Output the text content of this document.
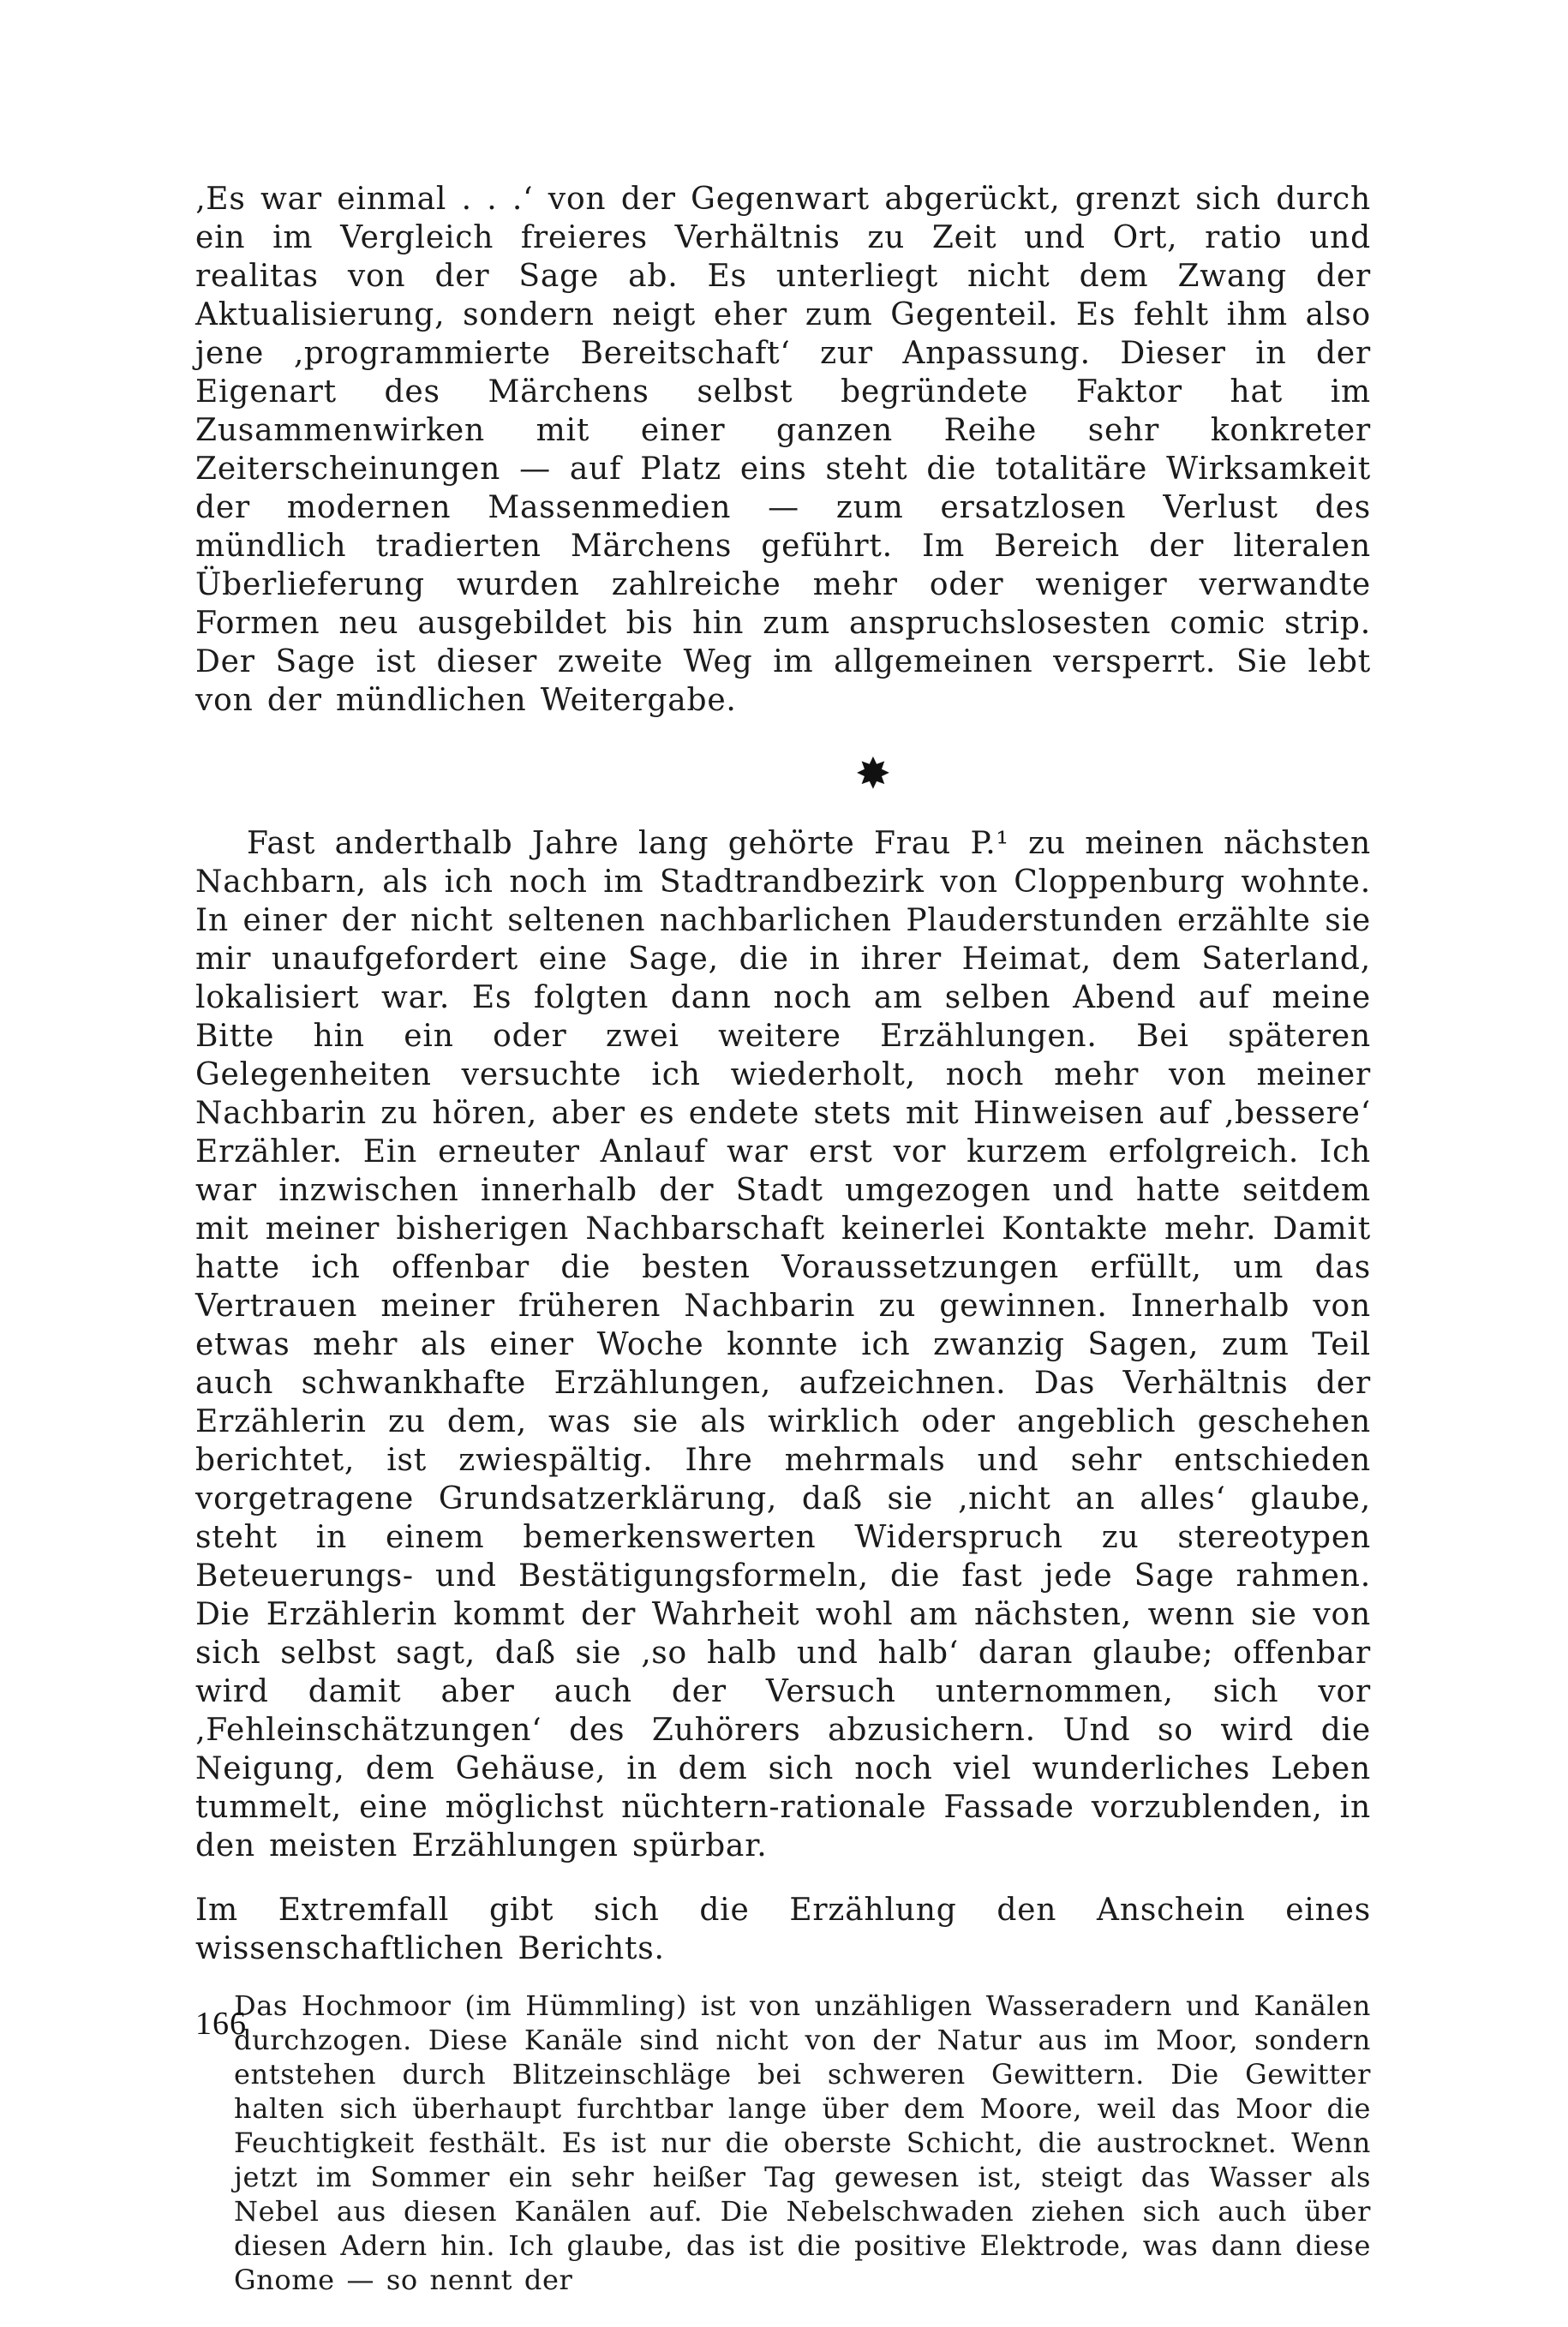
‚Es war einmal . . .‘ von der Gegenwart abgerückt, grenzt sich durch ein im Vergleich freieres Verhältnis zu Zeit und Ort, ratio und realitas von der Sage ab. Es unterliegt nicht dem Zwang der Aktualisierung, sondern neigt eher zum Gegenteil. Es fehlt ihm also jene ‚programmierte Bereitschaft‘ zur Anpassung. Dieser in der Eigenart des Märchens selbst begründete Faktor hat im Zusammenwirken mit einer ganzen Reihe sehr konkreter Zeiterscheinungen — auf Platz eins steht die totalitäre Wirksamkeit der modernen Massenmedien — zum ersatzlosen Verlust des mündlich tradierten Märchens geführt. Im Bereich der literalen Überlieferung wurden zahlreiche mehr oder weniger verwandte Formen neu ausgebildet bis hin zum anspruchslosesten comic strip. Der Sage ist dieser zweite Weg im allgemeinen versperrt. Sie lebt von der mündlichen Weitergabe.

✸

Fast anderthalb Jahre lang gehörte Frau P.¹ zu meinen nächsten Nachbarn, als ich noch im Stadtrandbezirk von Cloppenburg wohnte. In einer der nicht seltenen nachbarlichen Plauderstunden erzählte sie mir unaufgefordert eine Sage, die in ihrer Heimat, dem Saterland, lokalisiert war. Es folgten dann noch am selben Abend auf meine Bitte hin ein oder zwei weitere Erzählungen. Bei späteren Gelegenheiten versuchte ich wiederholt, noch mehr von meiner Nachbarin zu hören, aber es endete stets mit Hinweisen auf ‚bessere‘ Erzähler. Ein erneuter Anlauf war erst vor kurzem erfolgreich. Ich war inzwischen innerhalb der Stadt umgezogen und hatte seitdem mit meiner bisherigen Nachbarschaft keinerlei Kontakte mehr. Damit hatte ich offenbar die besten Voraussetzungen erfüllt, um das Vertrauen meiner früheren Nachbarin zu gewinnen. Innerhalb von etwas mehr als einer Woche konnte ich zwanzig Sagen, zum Teil auch schwankhafte Erzählungen, aufzeichnen. Das Verhältnis der Erzählerin zu dem, was sie als wirklich oder angeblich geschehen berichtet, ist zwiespältig. Ihre mehrmals und sehr entschieden vorgetragene Grundsatzerklärung, daß sie ‚nicht an alles‘ glaube, steht in einem bemerkenswerten Widerspruch zu stereotypen Beteuerungs- und Bestätigungsformeln, die fast jede Sage rahmen. Die Erzählerin kommt der Wahrheit wohl am nächsten, wenn sie von sich selbst sagt, daß sie ‚so halb und halb‘ daran glaube; offenbar wird damit aber auch der Versuch unternommen, sich vor ‚Fehleinschätzungen‘ des Zuhörers abzusichern. Und so wird die Neigung, dem Gehäuse, in dem sich noch viel wunderliches Leben tummelt, eine möglichst nüchtern-rationale Fassade vorzublenden, in den meisten Erzählungen spürbar.

Im Extremfall gibt sich die Erzählung den Anschein eines wissenschaftlichen Berichts.

Das Hochmoor (im Hümmling) ist von unzähligen Wasseradern und Kanälen durchzogen. Diese Kanäle sind nicht von der Natur aus im Moor, sondern entstehen durch Blitzeinschläge bei schweren Gewittern. Die Gewitter halten sich überhaupt furchtbar lange über dem Moore, weil das Moor die Feuchtigkeit festhält. Es ist nur die oberste Schicht, die austrocknet. Wenn jetzt im Sommer ein sehr heißer Tag gewesen ist, steigt das Wasser als Nebel aus diesen Kanälen auf. Die Nebelschwaden ziehen sich auch über diesen Adern hin. Ich glaube, das ist die positive Elektrode, was dann diese Gnome — so nennt der

166
